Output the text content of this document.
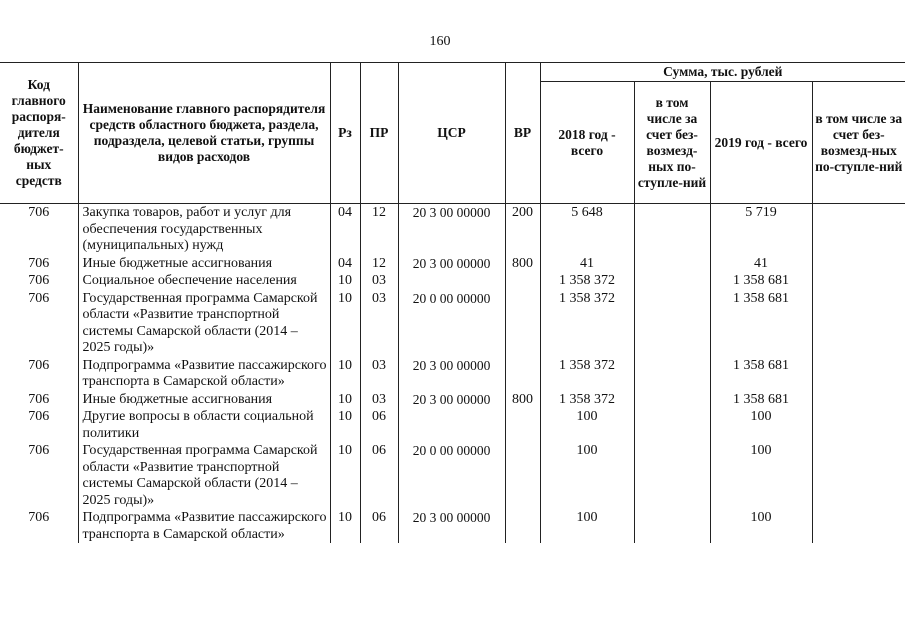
160
Код главного распоря-дителя бюджет-ных средств	Наименование главного распорядителя средств областного бюджета, раздела, подраздела, целевой статьи, группы видов расходов	Рз	ПР	ЦСР	ВР	Сумма, тыс. рублей			
						2018 год - всего	в том числе за счет без-возмезд-ных по-ступле-ний	2019 год - всего	в том числе за счет без-возмезд-ных по-ступле-ний
706	Закупка товаров, работ и услуг для обеспечения государственных (муниципальных) нужд	04	12	20 3 00 00000	200	5 648		5 719	
706	Иные бюджетные ассигнования	04	12	20 3 00 00000	800	41		41	
706	Социальное обеспечение населения	10	03			1 358 372		1 358 681	
706	Государственная программа Самарской области «Развитие транспортной системы Самарской области (2014 – 2025 годы)»	10	03	20 0 00 00000		1 358 372		1 358 681	
706	Подпрограмма «Развитие пассажирского транспорта в Самарской области»	10	03	20 3 00 00000		1 358 372		1 358 681	
706	Иные бюджетные ассигнования	10	03	20 3 00 00000	800	1 358 372		1 358 681	
706	Другие вопросы в области социальной политики	10	06			100		100	
706	Государственная программа Самарской области «Развитие транспортной системы Самарской области (2014 – 2025 годы)»	10	06	20 0 00 00000		100		100	
706	Подпрограмма «Развитие пассажирского транспорта в Самарской области»	10	06	20 3 00 00000		100		100	
